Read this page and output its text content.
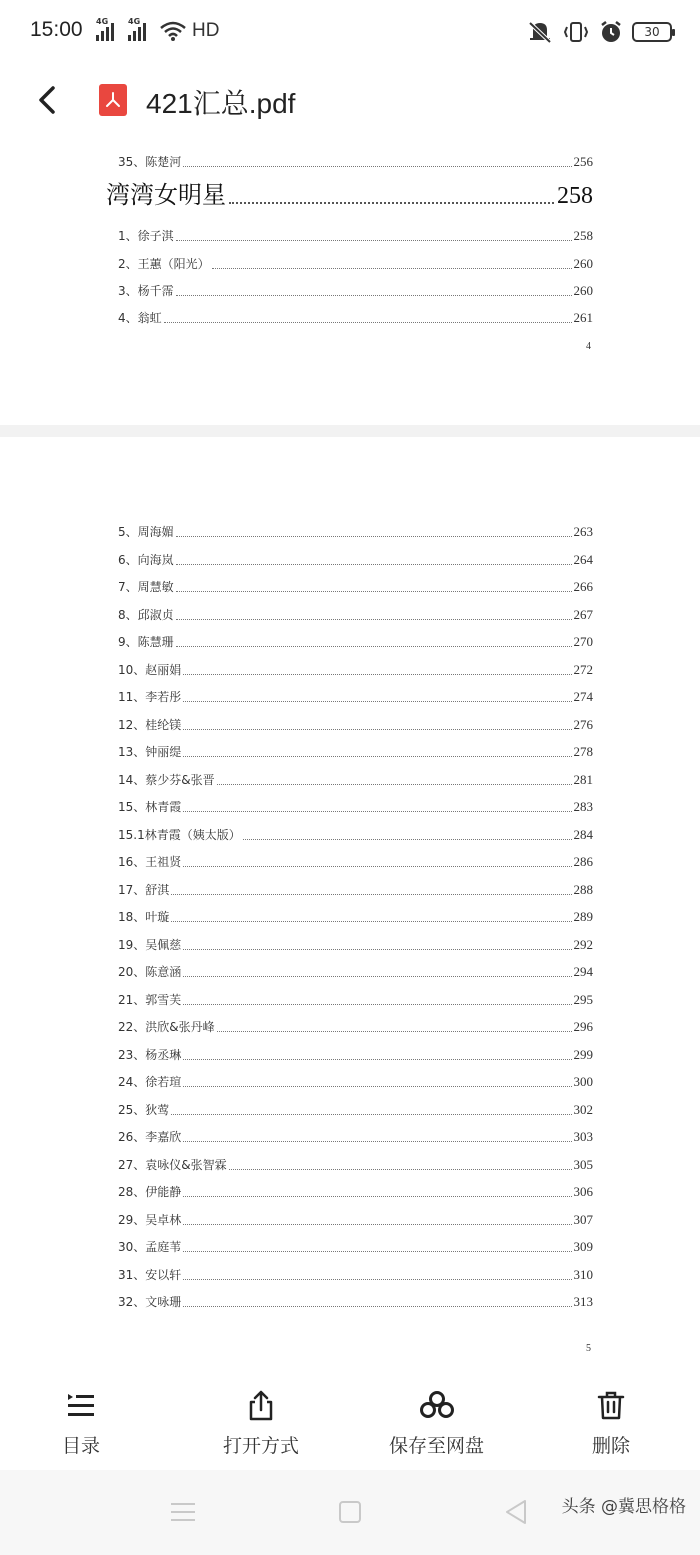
15:00 4G 4G	HD	30
421汇总.pdf
35、陈楚河	256
湾湾女明星	258
1、徐子淇	258
2、王蕙（阳光）	260
3、杨千霈	260
4、翁虹	261
4
5、周海媚	263
6、向海岚	264
7、周慧敏	266
8、邱淑贞	267
9、陈慧珊	270
10、赵丽娟	272
11、李若彤	274
12、桂纶镁	276
13、钟丽缇	278
14、蔡少芬&张晋	281
15、林青霞	283
15.1林青霞（姨太版）	284
16、王祖贤	286
17、舒淇	288
18、叶璇	289
19、吴佩慈	292
20、陈意涵	294
21、郭雪芙	295
22、洪欣&张丹峰	296
23、杨丞琳	299
24、徐若瑄	300
25、狄莺	302
26、李嘉欣	303
27、袁咏仪&张智霖	305
28、伊能静	306
29、吴卓林	307
30、孟庭苇	309
31、安以轩	310
32、文咏珊	313
5
目录	打开方式	保存至网盘	删除
头条 @冀思格格
